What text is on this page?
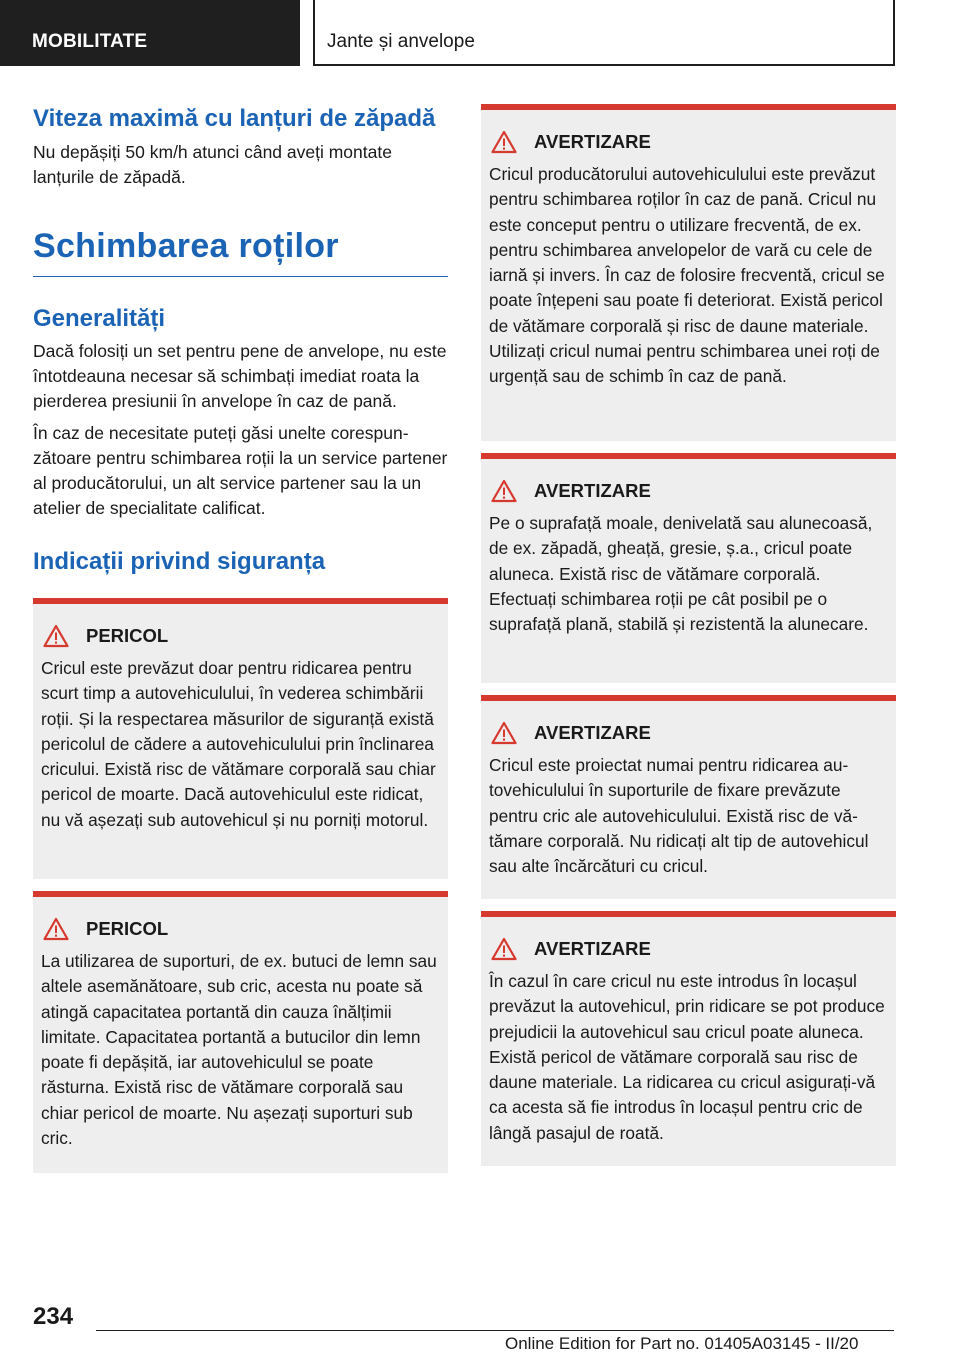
MOBILITATE	Jante și anvelope
Viteza maximă cu lanțuri de zăpadă
Nu depășiți 50 km/h atunci când aveți montate lanțurile de zăpadă.
Schimbarea roților
Generalități
Dacă folosiți un set pentru pene de anvelope, nu este întotdeauna necesar să schimbați imediat roata la pierderea presiunii în anvelope în caz de pană.
În caz de necesitate puteți găsi unelte corespunzătoare pentru schimbarea roții la un service partener al producătorului, un alt service partener sau la un atelier de specialitate calificat.
Indicații privind siguranța
PERICOL
Cricul este prevăzut doar pentru ridicarea pentru scurt timp a autovehiculului, în vederea schimbării roții. Și la respectarea măsurilor de siguranță există pericolul de cădere a autovehiculului prin înclinarea cricului. Există risc de vătămare corporală sau chiar pericol de moarte. Dacă autovehiculul este ridicat, nu vă așezați sub autovehicul și nu porniți motorul.
PERICOL
La utilizarea de suporturi, de ex. butuci de lemn sau altele asemănătoare, sub cric, acesta nu poate să atingă capacitatea portantă din cauza înălțimii limitate. Capacitatea portantă a butucilor din lemn poate fi depășită, iar autovehiculul se poate răsturna. Există risc de vătămare corporală sau chiar pericol de moarte. Nu așezați suporturi sub cric.
AVERTIZARE
Cricul producătorului autovehiculului este prevăzut pentru schimbarea roților în caz de pană. Cricul nu este conceput pentru o utilizare frecventă, de ex. pentru schimbarea anvelopelor de vară cu cele de iarnă și invers. În caz de folosire frecventă, cricul se poate înțepeni sau poate fi deteriorat. Există pericol de vătămare corporală și risc de daune materiale. Utilizați cricul numai pentru schimbarea unei roți de urgență sau de schimb în caz de pană.
AVERTIZARE
Pe o suprafață moale, denivelată sau alunecoasă, de ex. zăpadă, gheață, gresie, ș.a., cricul poate aluneca. Există risc de vătămare corporală. Efectuați schimbarea roții pe cât posibil pe o suprafață plană, stabilă și rezistentă la alunecare.
AVERTIZARE
Cricul este proiectat numai pentru ridicarea autovehiculului în suporturile de fixare prevăzute pentru cric ale autovehiculului. Există risc de vătămare corporală. Nu ridicați alt tip de autovehicul sau alte încărcături cu cricul.
AVERTIZARE
În cazul în care cricul nu este introdus în locașul prevăzut la autovehicul, prin ridicare se pot produce prejudicii la autovehicul sau cricul poate aluneca. Există pericol de vătămare corporală sau risc de daune materiale. La ridicarea cu cricul asigurați-vă ca acesta să fie introdus în locașul pentru cric de lângă pasajul de roată.
234
Online Edition for Part no. 01405A03145 - II/20
